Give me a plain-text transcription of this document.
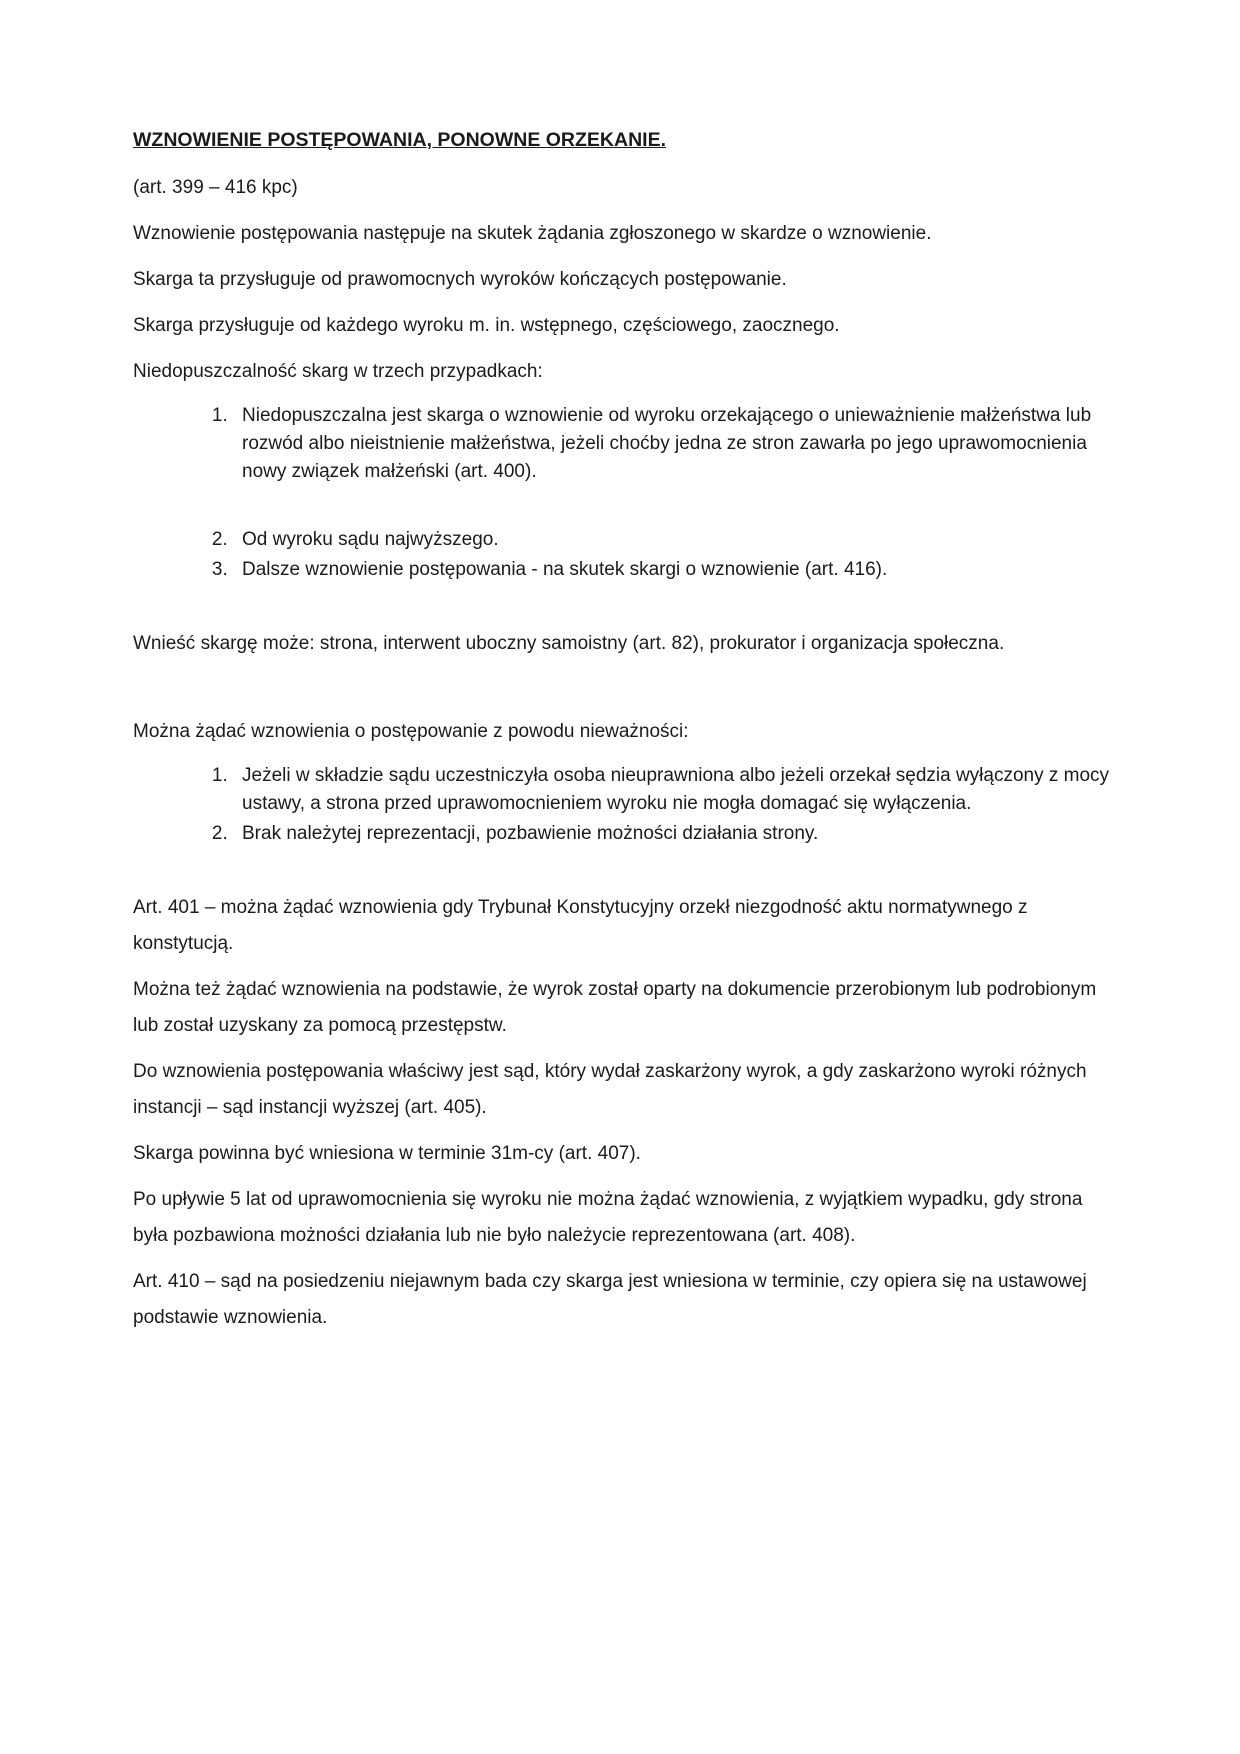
WZNOWIENIE POSTĘPOWANIA, PONOWNE ORZEKANIE.

(art. 399 – 416 kpc)

Wznowienie postępowania następuje na skutek żądania zgłoszonego w skardze o wznowienie.

Skarga ta przysługuje od prawomocnych wyroków kończących postępowanie.

Skarga przysługuje od każdego wyroku m. in. wstępnego, częściowego, zaocznego.

Niedopuszczalność skarg w trzech przypadkach:

1. Niedopuszczalna jest skarga o wznowienie od wyroku orzekającego o unieważnienie małżeństwa lub rozwód albo nieistnienie małżeństwa, jeżeli choćby jedna ze stron zawarła po jego uprawomocnienia nowy związek małżeński (art. 400).
2. Od wyroku sądu najwyższego.
3. Dalsze wznowienie postępowania - na skutek skargi o wznowienie (art. 416).

Wnieść skargę może: strona, interwent uboczny samoistny (art. 82), prokurator i organizacja społeczna.

Można żądać wznowienia o postępowanie z powodu nieważności:

1. Jeżeli w składzie sądu uczestniczyła osoba nieuprawniona albo jeżeli orzekał sędzia wyłączony z mocy ustawy, a strona przed uprawomocnieniem wyroku nie mogła domagać się wyłączenia.
2. Brak należytej reprezentacji, pozbawienie możności działania strony.

Art. 401 – można żądać wznowienia gdy Trybunał Konstytucyjny orzekł niezgodność aktu normatywnego z konstytucją.

Można też żądać wznowienia na podstawie, że wyrok został oparty na dokumencie przerobionym lub podrobionym lub został uzyskany za pomocą przestępstw.

Do wznowienia postępowania właściwy jest sąd, który wydał zaskarżony wyrok, a gdy zaskarżono wyroki różnych instancji – sąd instancji wyższej (art. 405).

Skarga powinna być wniesiona w terminie 31m-cy (art. 407).

Po upływie 5 lat od uprawomocnienia się wyroku nie można żądać wznowienia, z wyjątkiem wypadku, gdy strona była pozbawiona możności działania lub nie było należycie reprezentowana (art. 408).

Art. 410 – sąd na posiedzeniu niejawnym bada czy skarga jest wniesiona w terminie, czy opiera się na ustawowej podstawie wznowienia.
